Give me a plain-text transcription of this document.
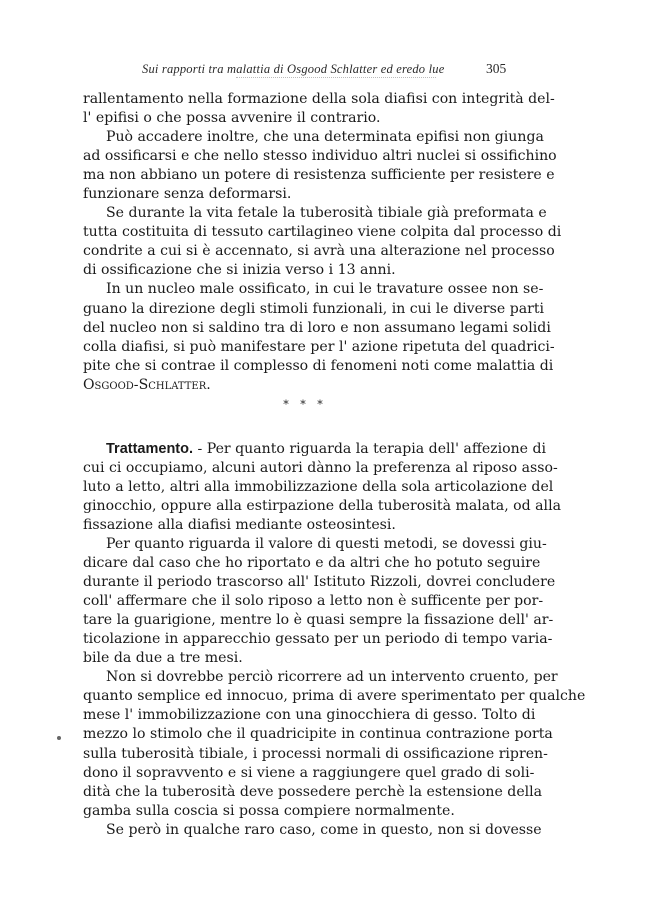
Sui rapporti tra malattia di Osgood Schlatter ed eredo lue	305
rallentamento nella formazione della sola diafisi con integrità del-
l' epifisi o che possa avvenire il contrario.
Può accadere inoltre, che una determinata epifisi non giunga
ad ossificarsi e che nello stesso individuo altri nuclei si ossifichino
ma non abbiano un potere di resistenza sufficiente per resistere e
funzionare senza deformarsi.
Se durante la vita fetale la tuberosità tibiale già preformata e
tutta costituita di tessuto cartilagineo viene colpita dal processo di
condrite a cui si è accennato, si avrà una alterazione nel processo
di ossificazione che si inizia verso i 13 anni.
In un nucleo male ossificato, in cui le travature ossee non se-
guano la direzione degli stimoli funzionali, in cui le diverse parti
del nucleo non si saldino tra di loro e non assumano legami solidi
colla diafisi, si può manifestare per l' azione ripetuta del quadrici-
pite che si contrae il complesso di fenomeni noti come malattia di
Osgood-Schlatter.
* * *
Trattamento. - Per quanto riguarda la terapia dell' affezione di
cui ci occupiamo, alcuni autori dànno la preferenza al riposo asso-
luto a letto, altri alla immobilizzazione della sola articolazione del
ginocchio, oppure alla estirpazione della tuberosità malata, od alla
fissazione alla diafisi mediante osteosintesi.
Per quanto riguarda il valore di questi metodi, se dovessi giu-
dicare dal caso che ho riportato e da altri che ho potuto seguire
durante il periodo trascorso all' Istituto Rizzoli, dovrei concludere
coll' affermare che il solo riposo a letto non è sufficente per por-
tare la guarigione, mentre lo è quasi sempre la fissazione dell' ar-
ticolazione in apparecchio gessato per un periodo di tempo varia-
bile da due a tre mesi.
Non si dovrebbe perciò ricorrere ad un intervento cruento, per
quanto semplice ed innocuo, prima di avere sperimentato per qualche
mese l' immobilizzazione con una ginocchiera di gesso. Tolto di
mezzo lo stimolo che il quadricipite in continua contrazione porta
sulla tuberosità tibiale, i processi normali di ossificazione ripren-
dono il sopravvento e si viene a raggiungere quel grado di soli-
dità che la tuberosità deve possedere perchè la estensione della
gamba sulla coscia si possa compiere normalmente.
Se però in qualche raro caso, come in questo, non si dovesse
